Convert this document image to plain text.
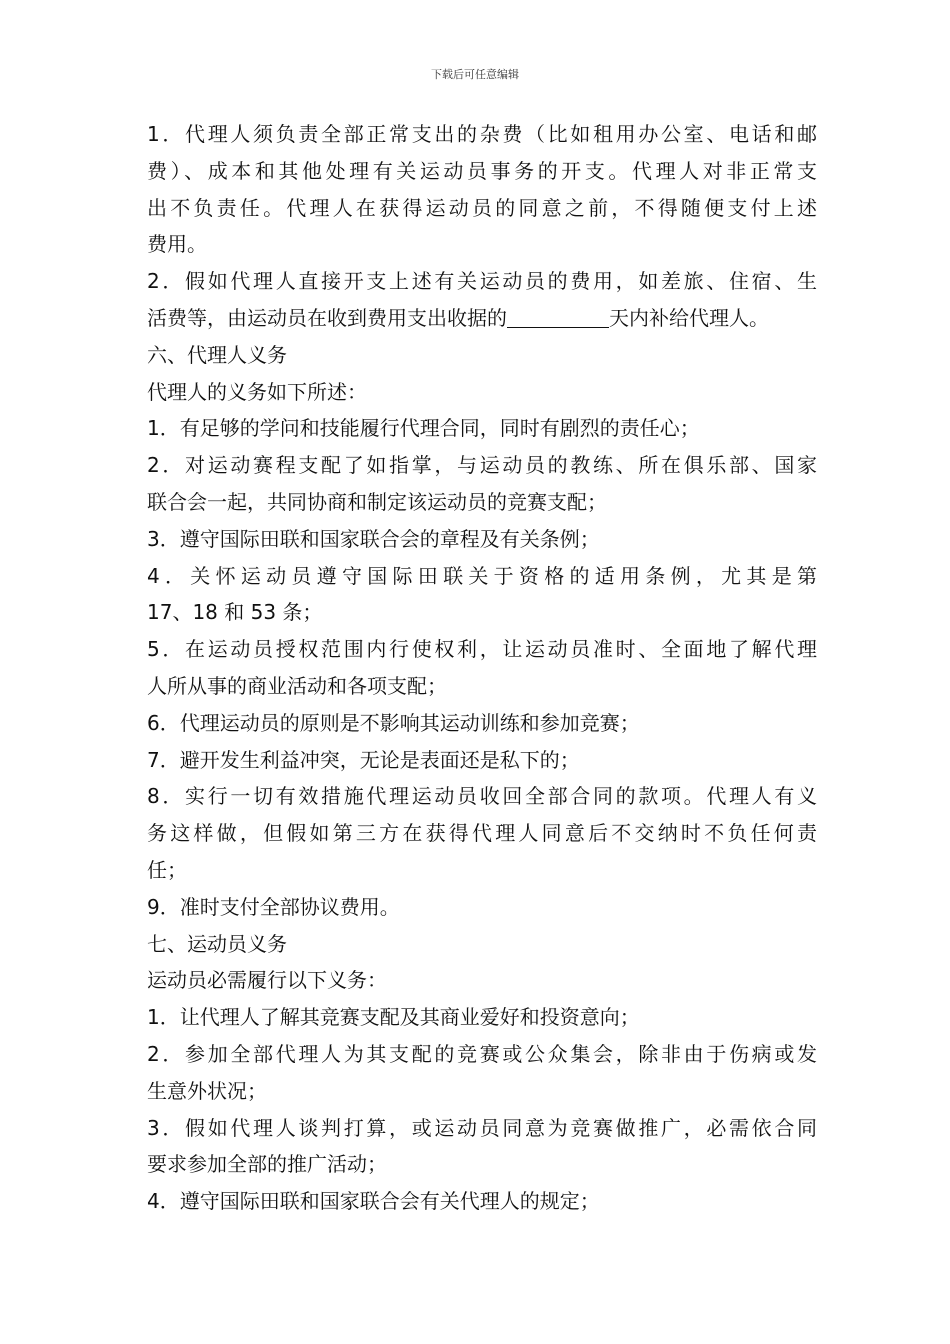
下载后可任意编辑
1．代理人须负责全部正常支出的杂费（比如租用办公室、电话和邮
费）、成本和其他处理有关运动员事务的开支。代理人对非正常支
出不负责任。代理人在获得运动员的同意之前，不得随便支付上述
费用。
2．假如代理人直接开支上述有关运动员的费用，如差旅、住宿、生
活费等，由运动员在收到费用支出收据的	天内补给代理人。
六、代理人义务
代理人的义务如下所述：
1．有足够的学问和技能履行代理合同，同时有剧烈的责任心；
2．对运动赛程支配了如指掌，与运动员的教练、所在俱乐部、国家
联合会一起，共同协商和制定该运动员的竞赛支配；
3．遵守国际田联和国家联合会的章程及有关条例；
4．关怀运动员遵守国际田联关于资格的适用条例，尤其是第
17、18 和 53 条；
5．在运动员授权范围内行使权利，让运动员准时、全面地了解代理
人所从事的商业活动和各项支配；
6．代理运动员的原则是不影响其运动训练和参加竞赛；
7．避开发生利益冲突，无论是表面还是私下的；
8．实行一切有效措施代理运动员收回全部合同的款项。代理人有义
务这样做，但假如第三方在获得代理人同意后不交纳时不负任何责
任；
9．准时支付全部协议费用。
七、运动员义务
运动员必需履行以下义务：
1．让代理人了解其竞赛支配及其商业爱好和投资意向；
2．参加全部代理人为其支配的竞赛或公众集会，除非由于伤病或发
生意外状况；
3．假如代理人谈判打算，或运动员同意为竞赛做推广，必需依合同
要求参加全部的推广活动；
4．遵守国际田联和国家联合会有关代理人的规定；
